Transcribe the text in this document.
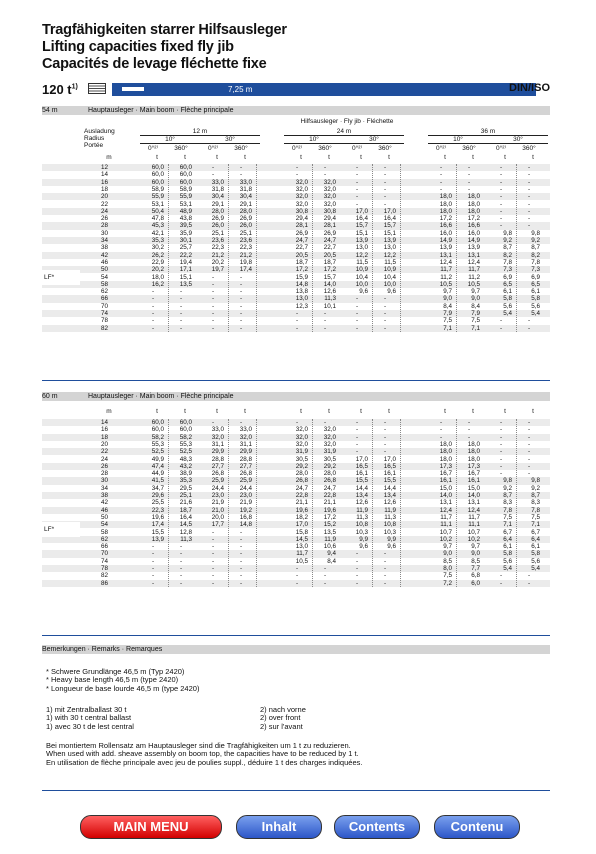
Tragfähigkeiten starrer Hilfsausleger
Lifting capacities fixed fly jib
Capacités de levage fléchette fixe
120 $t^{1)}$	7,25 m	DIN/ISO
54 m	Hauptausleger · Main boom · Flèche principale
Hilfsausleger · Fly jib · Fléchette
Ausladung
Radius
Portée
12 m	24 m	36 m
10°	30°	10°	30°	10°	30°
0°²⁾	360°	0°²⁾	360°	0°²⁾	360°	0°²⁾	360°	0°²⁾	360°	0°²⁾	360°
m	t	t	t	t	t	t	t	t	t	t	t	t
12	60,0	60,0	-	-	-	-	-	-	-	-	-	-
14	60,0	60,0	-	-	-	-	-	-	-	-	-	-
16	60,0	60,0	33,0	33,0	32,0	32,0	-	-	-	-	-	-
18	58,9	58,9	31,8	31,8	32,0	32,0	-	-	-	-	-	-
20	55,9	55,9	30,4	30,4	32,0	32,0	-	-	18,0	18,0	-	-
22	53,1	53,1	29,1	29,1	32,0	32,0	-	-	18,0	18,0	-	-
24	50,4	48,9	28,0	28,0	30,8	30,8	17,0	17,0	18,0	18,0	-	-
26	47,8	43,8	26,9	26,9	29,4	29,4	16,4	16,4	17,2	17,2	-	-
28	45,3	39,5	26,0	26,0	28,1	28,1	15,7	15,7	16,6	16,6	-	-
30	42,1	35,9	25,1	25,1	26,9	26,9	15,1	15,1	16,0	16,0	9,8	9,8
34	35,3	30,1	23,6	23,6	24,7	24,7	13,9	13,9	14,9	14,9	9,2	9,2
38	30,2	25,7	22,3	22,3	22,7	22,7	13,0	13,0	13,9	13,9	8,7	8,7
42	26,2	22,2	21,2	21,2	20,5	20,5	12,2	12,2	13,1	13,1	8,2	8,2
46	22,9	19,4	20,2	19,8	18,7	18,7	11,5	11,5	12,4	12,4	7,8	7,8
50	20,2	17,1	19,7	17,4	17,2	17,2	10,9	10,9	11,7	11,7	7,3	7,3
54	18,0	15,1	-	-	15,9	15,7	10,4	10,4	11,2	11,2	6,9	6,9
58	16,2	13,5	-	-	14,8	14,0	10,0	10,0	10,5	10,5	6,5	6,5
62	-	-	-	-	13,8	12,6	9,6	9,6	9,7	9,7	6,1	6,1
66	-	-	-	-	13,0	11,3	-	-	9,0	9,0	5,8	5,8
70	-	-	-	-	12,3	10,1	-	-	8,4	8,4	5,6	5,6
74	-	-	-	-	-	-	-	-	7,9	7,9	5,4	5,4
78	-	-	-	-	-	-	-	-	7,5	7,5	-	-
82	-	-	-	-	-	-	-	-	7,1	7,1	-	-
LF*
60 m	Hauptausleger · Main boom · Flèche principale
m	t	t	t	t	t	t	t	t	t	t	t	t
14	60,0	60,0	-	-	-	-	-	-	-	-	-	-
16	60,0	60,0	33,0	33,0	32,0	32,0	-	-	-	-	-	-
18	58,2	58,2	32,0	32,0	32,0	32,0	-	-	-	-	-	-
20	55,3	55,3	31,1	31,1	32,0	32,0	-	-	18,0	18,0	-	-
22	52,5	52,5	29,9	29,9	31,9	31,9	-	-	18,0	18,0	-	-
24	49,9	48,3	28,8	28,8	30,5	30,5	17,0	17,0	18,0	18,0	-	-
26	47,4	43,2	27,7	27,7	29,2	29,2	16,5	16,5	17,3	17,3	-	-
28	44,9	38,9	26,8	26,8	28,0	28,0	16,1	16,1	16,7	16,7	-	-
30	41,5	35,3	25,9	25,9	26,8	26,8	15,5	15,5	16,1	16,1	9,8	9,8
34	34,7	29,5	24,4	24,4	24,7	24,7	14,4	14,4	15,0	15,0	9,2	9,2
38	29,6	25,1	23,0	23,0	22,8	22,8	13,4	13,4	14,0	14,0	8,7	8,7
42	25,5	21,6	21,9	21,9	21,1	21,1	12,6	12,6	13,1	13,1	8,3	8,3
46	22,3	18,7	21,0	19,2	19,6	19,6	11,9	11,9	12,4	12,4	7,8	7,8
50	19,6	16,4	20,0	16,8	18,2	17,2	11,3	11,3	11,7	11,7	7,5	7,5
54	17,4	14,5	17,7	14,8	17,0	15,2	10,8	10,8	11,1	11,1	7,1	7,1
58	15,5	12,8	-	-	15,8	13,5	10,3	10,3	10,7	10,7	6,7	6,7
62	13,9	11,3	-	-	14,5	11,9	9,9	9,9	10,2	10,2	6,4	6,4
66	-	-	-	-	13,0	10,6	9,6	9,6	9,7	9,7	6,1	6,1
70	-	-	-	-	11,7	9,4	-	-	9,0	9,0	5,8	5,8
74	-	-	-	-	10,5	8,4	-	-	8,5	8,5	5,6	5,6
78	-	-	-	-	-	-	-	-	8,0	7,7	5,4	5,4
82	-	-	-	-	-	-	-	-	7,5	6,8	-	-
86	-	-	-	-	-	-	-	-	7,2	6,0	-	-
LF*
Bemerkungen · Remarks · Remarques
* Schwere Grundlänge 46,5 m (Typ 2420)
* Heavy base length 46,5 m (type 2420)
* Longueur de base lourde 46,5 m (type 2420)
1) mit Zentralballast 30 t
1) with 30 t central ballast
1) avec 30 t de lest central
2) nach vorne
2) over front
2) sur l'avant
Bei montiertem Rollensatz am Hauptausleger sind die Tragfähigkeiten um 1 t zu reduzieren.
When used with add. sheave assembly on boom top, the capacities have to be reduced by 1 t.
En utilisation de flèche principale avec jeu de poulies suppl., déduire 1 t des charges indiquées.
MAIN MENU	Inhalt	Contents	Contenu
